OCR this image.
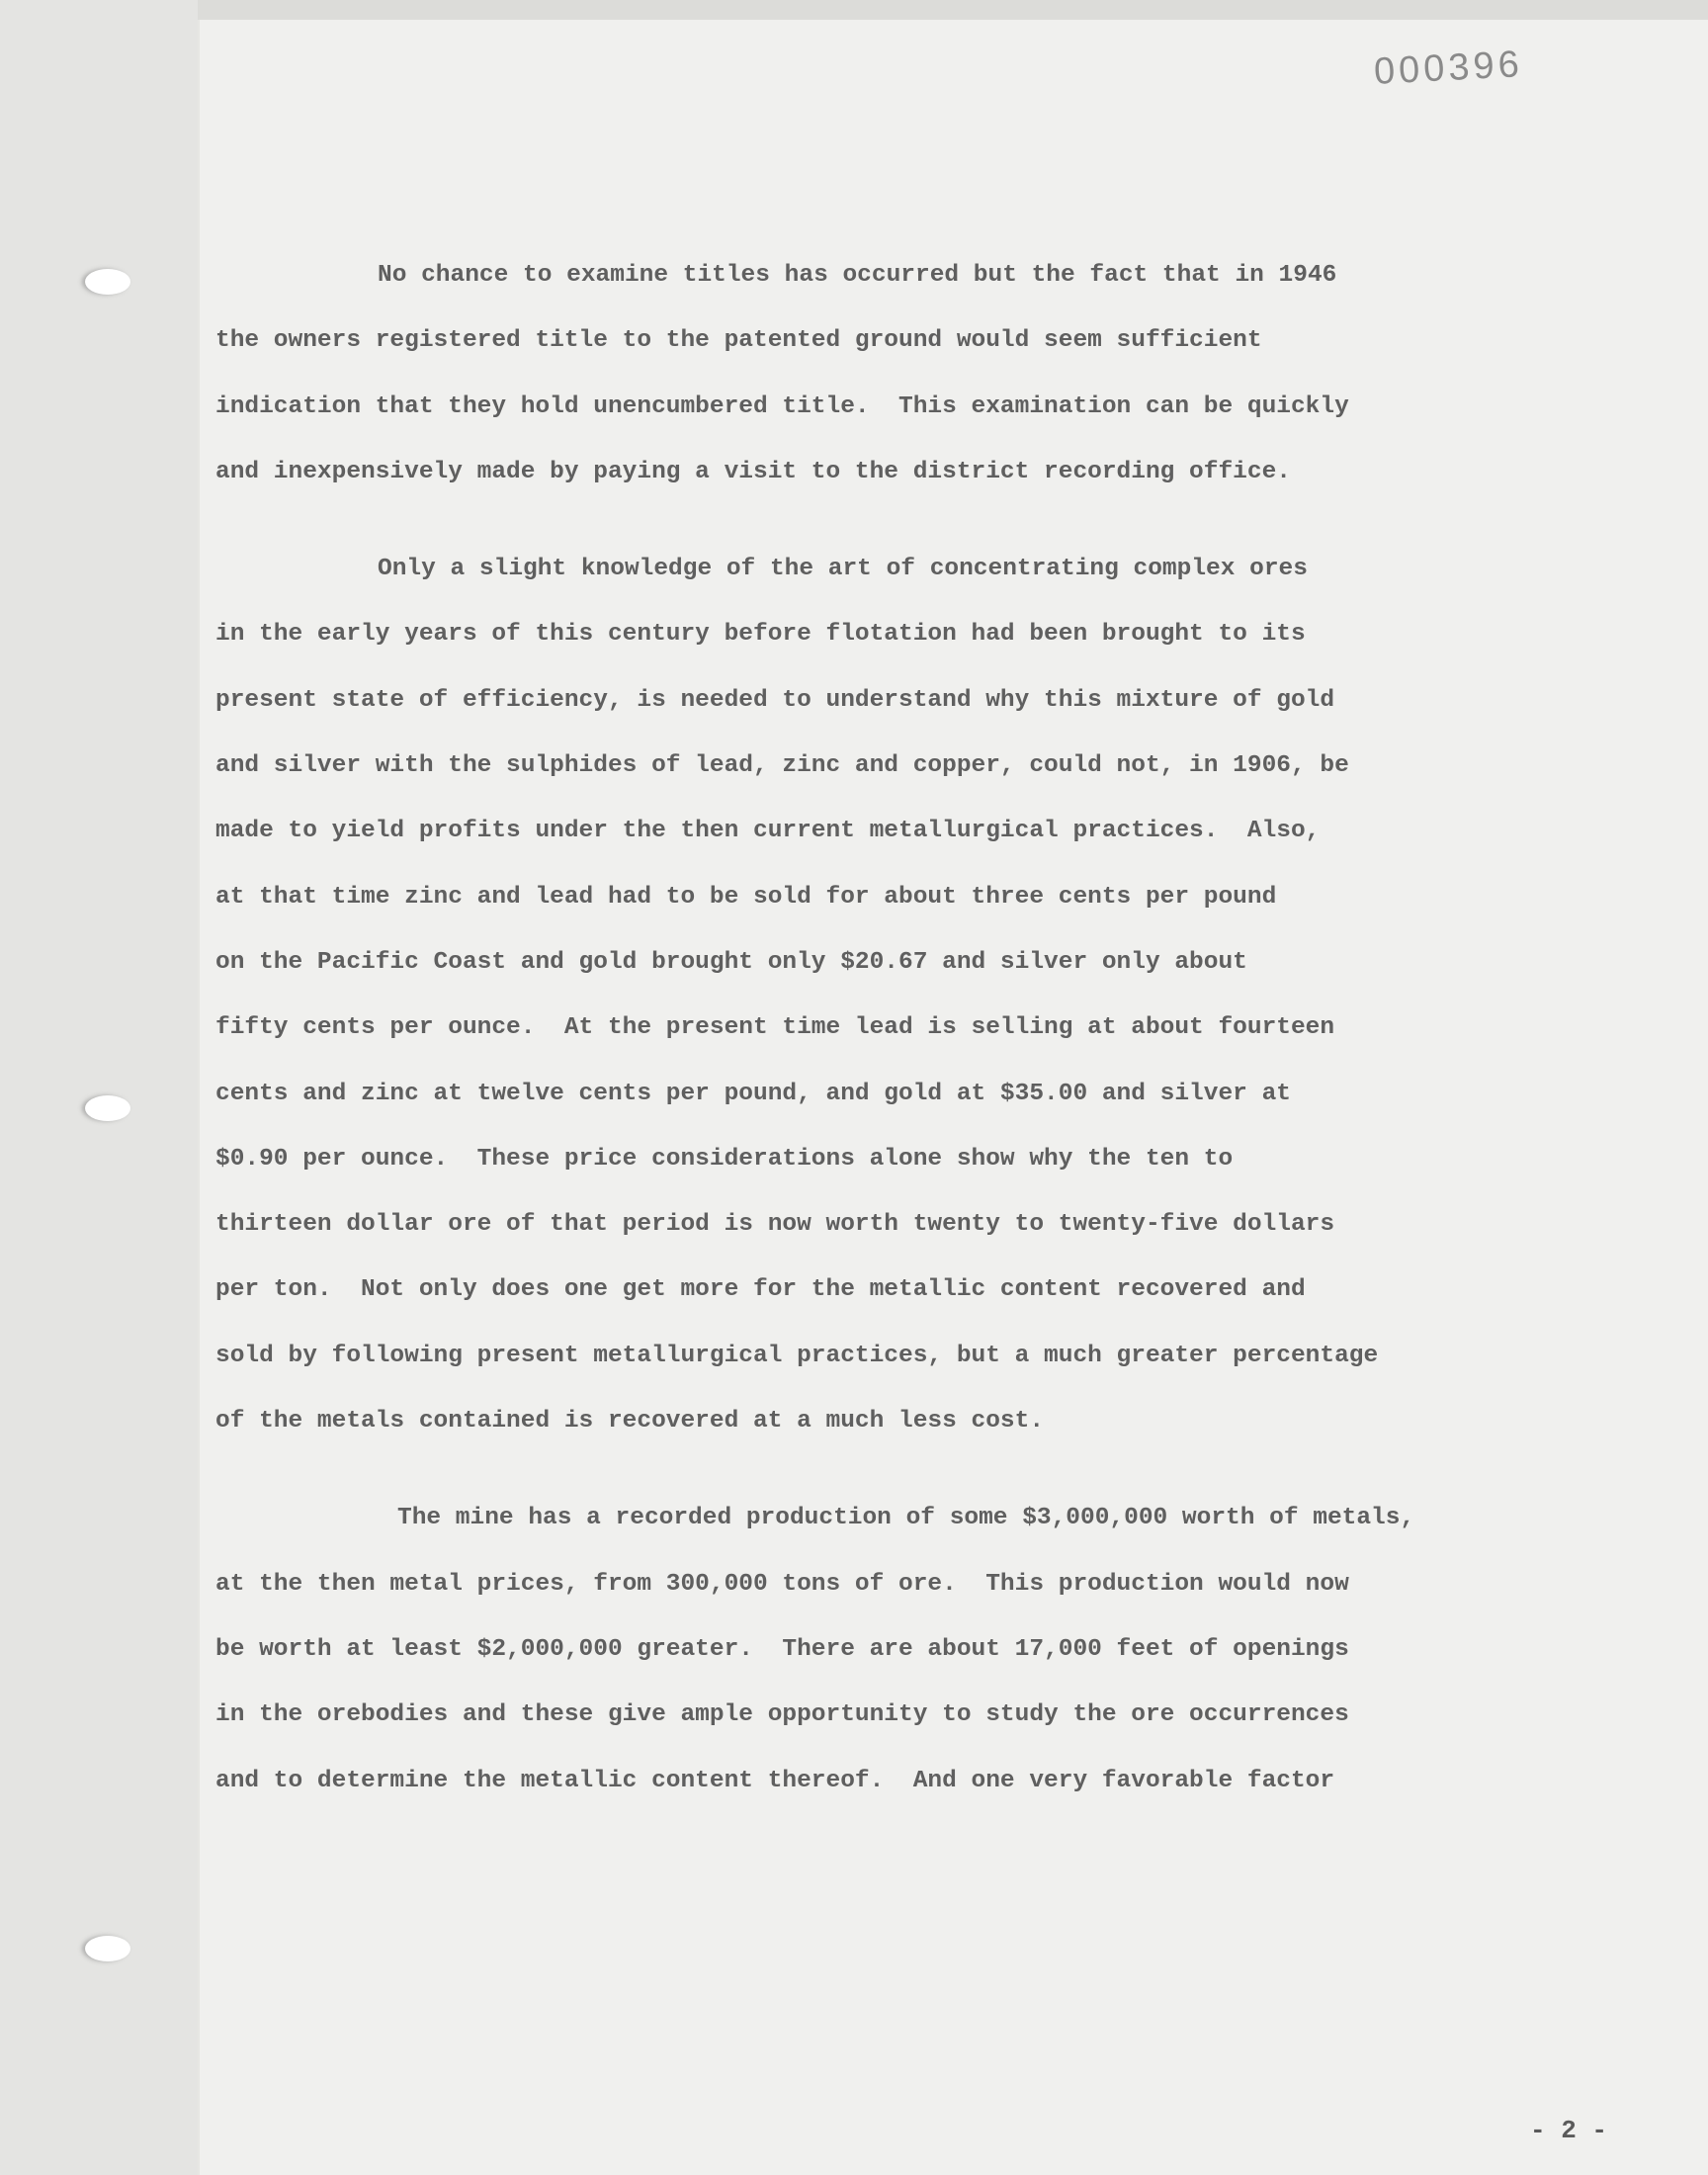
000396
No chance to examine titles has occurred but the fact that in 1946
the owners registered title to the patented ground would seem sufficient
indication that they hold unencumbered title.  This examination can be quickly
and inexpensively made by paying a visit to the district recording office.
Only a slight knowledge of the art of concentrating complex ores
in the early years of this century before flotation had been brought to its
present state of efficiency, is needed to understand why this mixture of gold
and silver with the sulphides of lead, zinc and copper, could not, in 1906, be
made to yield profits under the then current metallurgical practices.  Also,
at that time zinc and lead had to be sold for about three cents per pound
on the Pacific Coast and gold brought only $20.67 and silver only about
fifty cents per ounce.  At the present time lead is selling at about fourteen
cents and zinc at twelve cents per pound, and gold at $35.00 and silver at
$0.90 per ounce.  These price considerations alone show why the ten to
thirteen dollar ore of that period is now worth twenty to twenty-five dollars
per ton.  Not only does one get more for the metallic content recovered and
sold by following present metallurgical practices, but a much greater percentage
of the metals contained is recovered at a much less cost.
The mine has a recorded production of some $3,000,000 worth of metals,
at the then metal prices, from 300,000 tons of ore.  This production would now
be worth at least $2,000,000 greater.  There are about 17,000 feet of openings
in the orebodies and these give ample opportunity to study the ore occurrences
and to determine the metallic content thereof.  And one very favorable factor
- 2 -
